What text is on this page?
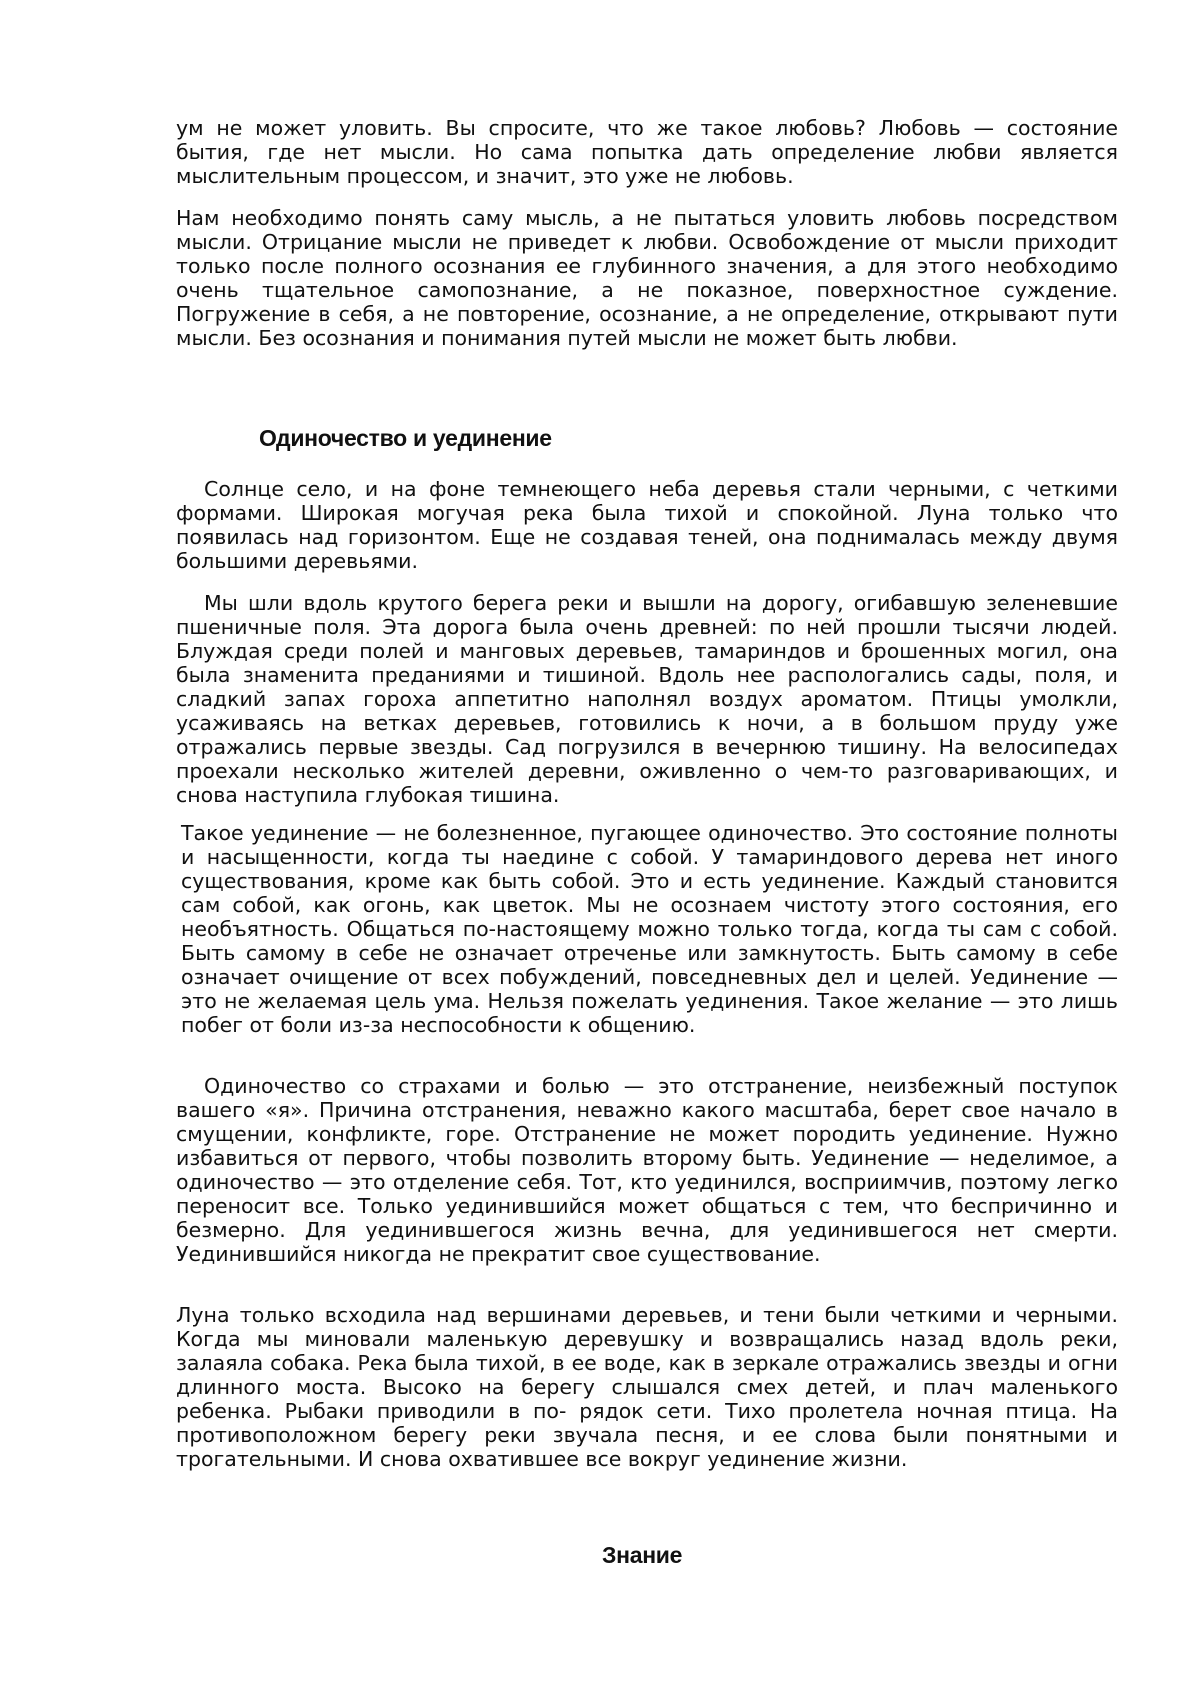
ум не может уловить. Вы спросите, что же такое любовь? Любовь — состояние бытия, где нет мысли. Но сама попытка дать определение любви является мыслительным процессом, и значит, это уже не любовь.

Нам необходимо понять саму мысль, а не пытаться уловить любовь посредством мысли. Отрицание мысли не приведет к любви. Освобождение от мысли приходит только после полного осознания ее глубинного значения, а для этого необходимо очень тщательное самопознание, а не показное, поверхностное суждение. Погружение в себя, а не повторение, осознание, а не определение, открывают пути мысли. Без осознания и понимания путей мысли не может быть любви.

Одиночество и уединение

Солнце село, и на фоне темнеющего неба деревья стали черными, с четкими формами. Широкая могучая река была тихой и спокойной. Луна только что появилась над горизонтом. Еще не создавая теней, она поднималась между двумя большими деревьями.

Мы шли вдоль крутого берега реки и вышли на дорогу, огибавшую зеленевшие пшеничные поля. Эта дорога была очень древней: по ней прошли тысячи людей. Блуждая среди полей и манговых деревьев, тамариндов и брошенных могил, она была знаменита преданиями и тишиной. Вдоль нее распологались сады, поля, и сладкий запах гороха аппетитно наполнял воздух ароматом. Птицы умолкли, усаживаясь на ветках деревьев, готовились к ночи, а в большом пруду уже отражались первые звезды. Сад погрузился в вечернюю тишину. На велосипедах проехали несколько жителей деревни, оживленно о чем-то разговаривающих, и снова наступила глубокая тишина.

Такое уединение — не болезненное, пугающее одиночество. Это состояние полноты и насыщенности, когда ты наедине с собой. У тамариндового дерева нет иного существования, кроме как быть собой. Это и есть уединение. Каждый становится сам собой, как огонь, как цветок. Мы не осознаем чистоту этого состояния, его необъятность. Общаться по-настоящему можно только тогда, когда ты сам с собой. Быть самому в себе не означает отреченье или замкнутость. Быть самому в себе означает очищение от всех побуждений, повседневных дел и целей. Уединение — это не желаемая цель ума. Нельзя пожелать уединения. Такое желание — это лишь побег от боли из-за неспособности к общению.

Одиночество со страхами и болью — это отстранение, неизбежный поступок вашего «я». Причина отстранения, неважно какого масштаба, берет свое начало в смущении, конфликте, горе. Отстранение не может породить уединение. Нужно избавиться от первого, чтобы позволить второму быть. Уединение — неделимое, а одиночество — это отделение себя. Тот, кто уединился, восприимчив, поэтому легко переносит все. Только уединившийся может общаться с тем, что беспричинно и безмерно. Для уединившегося жизнь вечна, для уединившегося нет смерти. Уединившийся никогда не прекратит свое существование.

Луна только всходила над вершинами деревьев, и тени были четкими и черными. Когда мы миновали маленькую деревушку и возвращались назад вдоль реки, залаяла собака. Река была тихой, в ее воде, как в зеркале отражались звезды и огни длинного моста. Высоко на берегу слышался смех детей, и плач маленького ребенка. Рыбаки приводили в по- рядок сети. Тихо пролетела ночная птица. На противоположном берегу реки звучала песня, и ее слова были понятными и трогательными. И снова охватившее все вокруг уединение жизни.

Знание
